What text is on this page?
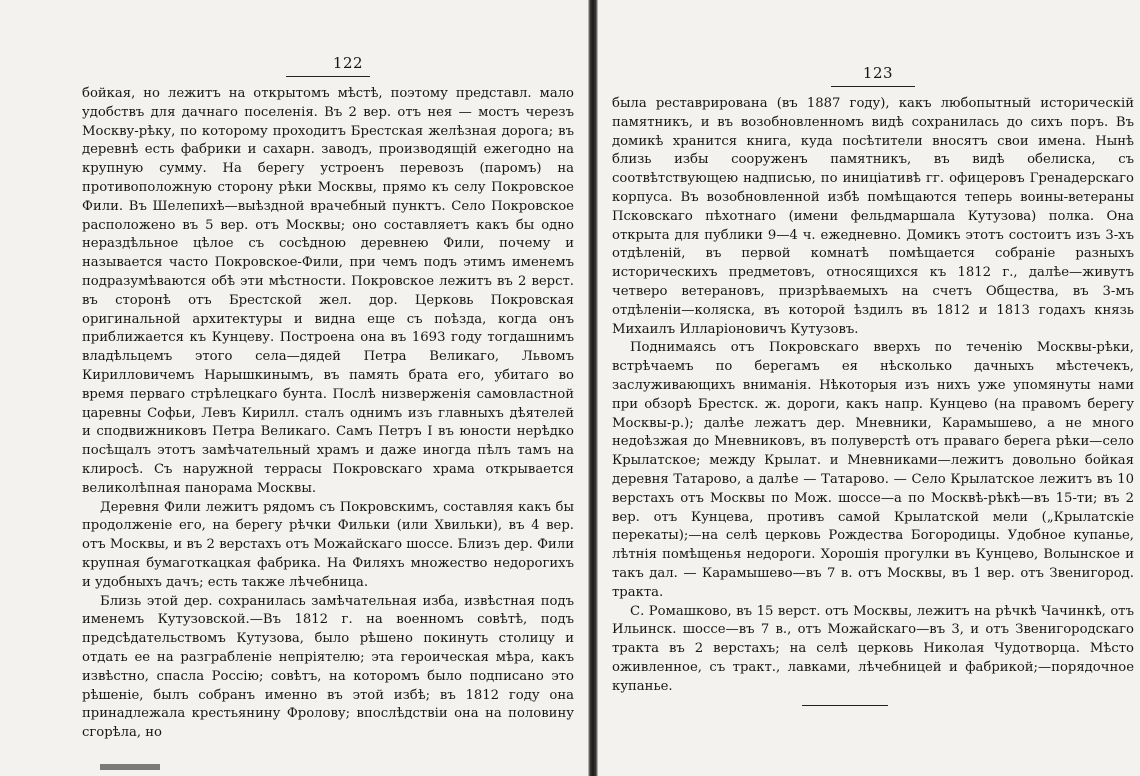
122

бойкая, но лежитъ на открытомъ мѣстѣ, поэтому представл. мало удобствъ для дачнаго поселенія. Въ 2 вер. отъ нея — мостъ черезъ Москву-рѣку, по которому проходитъ Брестская желѣзная дорога; въ деревнѣ есть фабрики и сахарн. заводъ, производящій ежегодно на крупную сумму. На берегу устроенъ перевозъ (паромъ) на противоположную сторону рѣки Москвы, прямо къ селу Покровское Фили. Въ Шелепихѣ—выѣздной врачебный пунктъ. Село Покровское расположено въ 5 вер. отъ Москвы; оно составляетъ какъ бы одно нераздѣльное цѣлое съ сосѣдною деревнею Фили, почему и называется часто Покровское-Фили, при чемъ подъ этимъ именемъ подразумѣваются обѣ эти мѣстности. Покровское лежитъ въ 2 верст. въ сторонѣ отъ Брестской жел. дор. Церковь Покровская оригинальной архитектуры и видна еще съ поѣзда, когда онъ приближается къ Кунцеву. Построена она въ 1693 году тогдашнимъ владѣльцемъ этого села—дядей Петра Великаго, Львомъ Кирилловичемъ Нарышкинымъ, въ память брата его, убитаго во время перваго стрѣлецкаго бунта. Послѣ низверженія самовластной царевны Софьи, Левъ Кирилл. сталъ однимъ изъ главныхъ дѣятелей и сподвижниковъ Петра Великаго. Самъ Петръ I въ юности нерѣдко посѣщалъ этотъ замѣчательный храмъ и даже иногда пѣлъ тамъ на клиросѣ. Съ наружной террасы Покровскаго храма открывается великолѣпная панорама Москвы.

Деревня Фили лежитъ рядомъ съ Покровскимъ, составляя какъ бы продолженіе его, на берегу рѣчки Фильки (или Хвильки), въ 4 вер. отъ Москвы, и въ 2 верстахъ отъ Можайскаго шоссе. Близъ дер. Фили крупная бумаготкацкая фабрика. На Филяхъ множество недорогихъ и удобныхъ дачъ; есть также лѣчебница.

Близь этой дер. сохранилась замѣчательная изба, извѣстная подъ именемъ Кутузовской.—Въ 1812 г. на военномъ совѣтѣ, подъ предсѣдательствомъ Кутузова, было рѣшено покинуть столицу и отдать ее на разграбленіе непріятелю; эта героическая мѣра, какъ извѣстно, спасла Россію; совѣтъ, на которомъ было подписано это рѣшеніе, былъ собранъ именно въ этой избѣ; въ 1812 году она принадлежала крестьянину Фролову; впослѣдствіи она на половину сгорѣла, но

123

была реставрирована (въ 1887 году), какъ любопытный историческій памятникъ, и въ возобновленномъ видѣ сохранилась до сихъ поръ. Въ домикѣ хранится книга, куда посѣтители вносятъ свои имена. Нынѣ близь избы сооруженъ памятникъ, въ видѣ обелиска, съ соотвѣтствующею надписью, по иниціативѣ гг. офицеровъ Гренадерскаго корпуса. Въ возобновленной избѣ помѣщаются теперь воины-ветераны Псковскаго пѣхотнаго (имени фельдмаршала Кутузова) полка. Она открыта для публики 9—4 ч. ежедневно. Домикъ этотъ состоитъ изъ 3-хъ отдѣленій, въ первой комнатѣ помѣщается собраніе разныхъ историческихъ предметовъ, относящихся къ 1812 г., далѣе—живутъ четверо ветерановъ, призрѣваемыхъ на счетъ Общества, въ 3-мъ отдѣленіи—коляска, въ которой ѣздилъ въ 1812 и 1813 годахъ князь Михаилъ Илларіоновичъ Кутузовъ.

Поднимаясь отъ Покровскаго вверхъ по теченію Москвы-рѣки, встрѣчаемъ по берегамъ ея нѣсколько дачныхъ мѣстечекъ, заслуживающихъ вниманія. Нѣкоторыя изъ нихъ уже упомянуты нами при обзорѣ Брестск. ж. дороги, какъ напр. Кунцево (на правомъ берегу Москвы-р.); далѣе лежатъ дер. Мневники, Карамышево, а не много недоѣзжая до Мневниковъ, въ полуверстѣ отъ праваго берега рѣки—село Крылатское; между Крылат. и Мневниками—лежитъ довольно бойкая деревня Татарово, а далѣе — Татарово. — Село Крылатское лежитъ въ 10 верстахъ отъ Москвы по Мож. шоссе—а по Москвѣ-рѣкѣ—въ 15-ти; въ 2 вер. отъ Кунцева, противъ самой Крылатской мели („Крылатскіе перекаты);—на селѣ церковь Рождества Богородицы. Удобное купанье, лѣтнія помѣщенья недороги. Хорошія прогулки въ Кунцево, Волынское и такъ дал. — Карамышево—въ 7 в. отъ Москвы, въ 1 вер. отъ Звенигород. тракта.

С. Ромашково, въ 15 верст. отъ Москвы, лежитъ на рѣчкѣ Чачинкѣ, отъ Ильинск. шоссе—въ 7 в., отъ Можайскаго—въ 3, и отъ Звенигородскаго тракта въ 2 верстахъ; на селѣ церковь Николая Чудотворца. Мѣсто оживленное, съ тракт., лавками, лѣчебницей и фабрикой;—порядочное купанье.
